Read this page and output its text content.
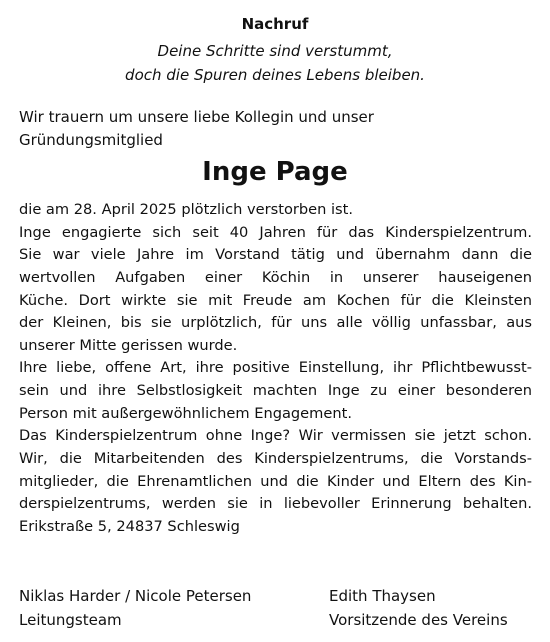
Nachruf
Deine Schritte sind verstummt,
doch die Spuren deines Lebens bleiben.
Wir trauern um unsere liebe Kollegin und unser
Gründungsmitglied
Inge Page
die am 28. April 2025 plötzlich verstorben ist.
Inge engagierte sich seit 40 Jahren für das Kinderspielzentrum.
Sie war viele Jahre im Vorstand tätig und übernahm dann die
wertvollen Aufgaben einer Köchin in unserer hauseigenen
Küche. Dort wirkte sie mit Freude am Kochen für die Kleinsten
der Kleinen, bis sie urplötzlich, für uns alle völlig unfassbar, aus
unserer Mitte gerissen wurde.
Ihre liebe, offene Art, ihre positive Einstellung, ihr Pflichtbewusst-
sein und ihre Selbstlosigkeit machten Inge zu einer besonderen
Person mit außergewöhnlichem Engagement.
Das Kinderspielzentrum ohne Inge? Wir vermissen sie jetzt schon.
Wir, die Mitarbeitenden des Kinderspielzentrums, die Vorstands-
mitglieder, die Ehrenamtlichen und die Kinder und Eltern des Kin-
derspielzentrums, werden sie in liebevoller Erinnerung behalten.
Erikstraße 5, 24837 Schleswig
Niklas Harder / Nicole Petersen
Leitungsteam
Edith Thaysen
Vorsitzende des Vereins
